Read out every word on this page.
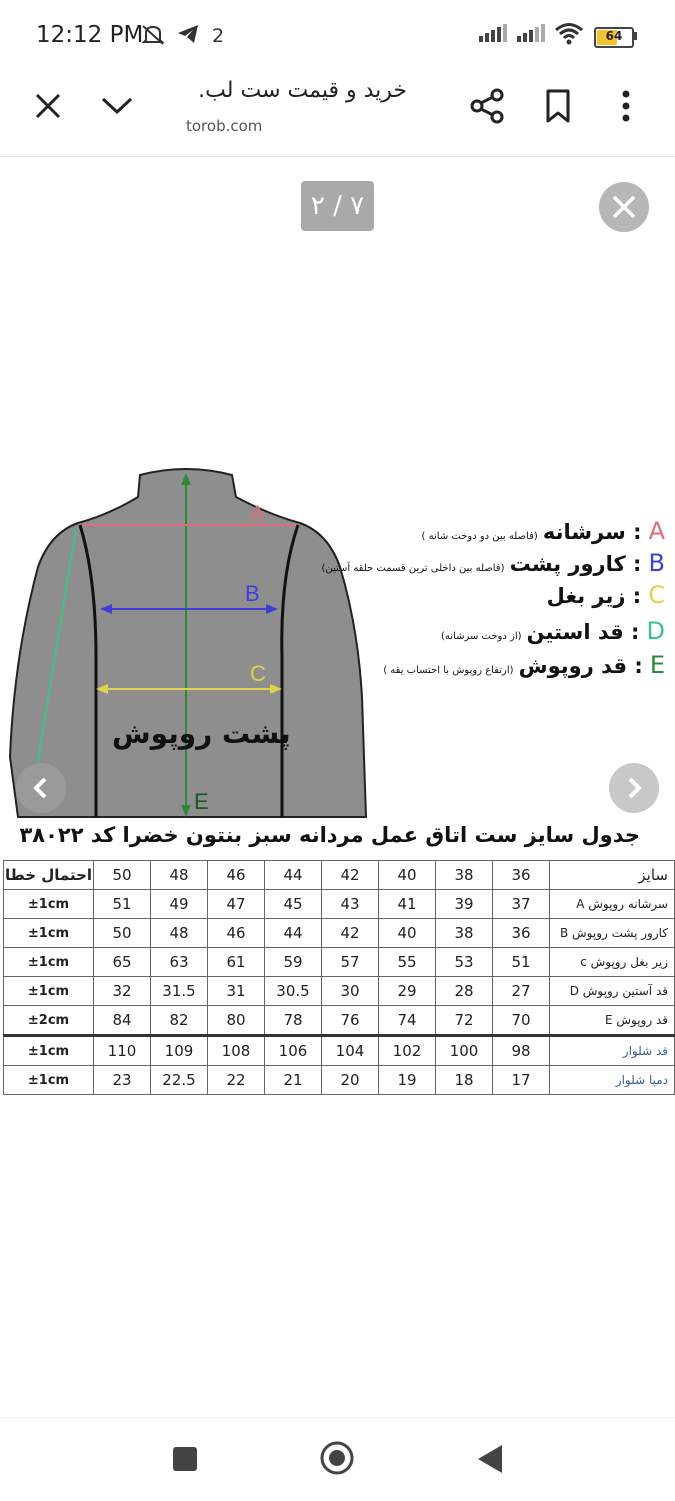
12:12 PM	2	64
خرید و قیمت ست لب.
torob.com
۷ / ۲
A
B
C
E
پشت روپوش
A : سرشانه (فاصله بین دو دوخت شانه )
B : کارور پشت (فاصله بین داخلی ترین قسمت حلقه آستین)
C : زیر بغل
D : قد استین (از دوخت سرشانه)
E : قد روپوش (ارتفاع روپوش با احتساب یقه )
جدول سایز ست اتاق عمل مردانه سبز بنتون خضرا کد ۳۸۰۲۲
احتمال خطا	50	48	46	44	42	40	38	36	سایز
±1cm	51	49	47	45	43	41	39	37	سرشانه روپوش A
±1cm	50	48	46	44	42	40	38	36	کارور پشت روپوش B
±1cm	65	63	61	59	57	55	53	51	زیر بغل روپوش c
±1cm	32	31.5	31	30.5	30	29	28	27	قد آستین روپوش D
±2cm	84	82	80	78	76	74	72	70	قد روپوش E
±1cm	110	109	108	106	104	102	100	98	قد شلوار
±1cm	23	22.5	22	21	20	19	18	17	دمپا شلوار
